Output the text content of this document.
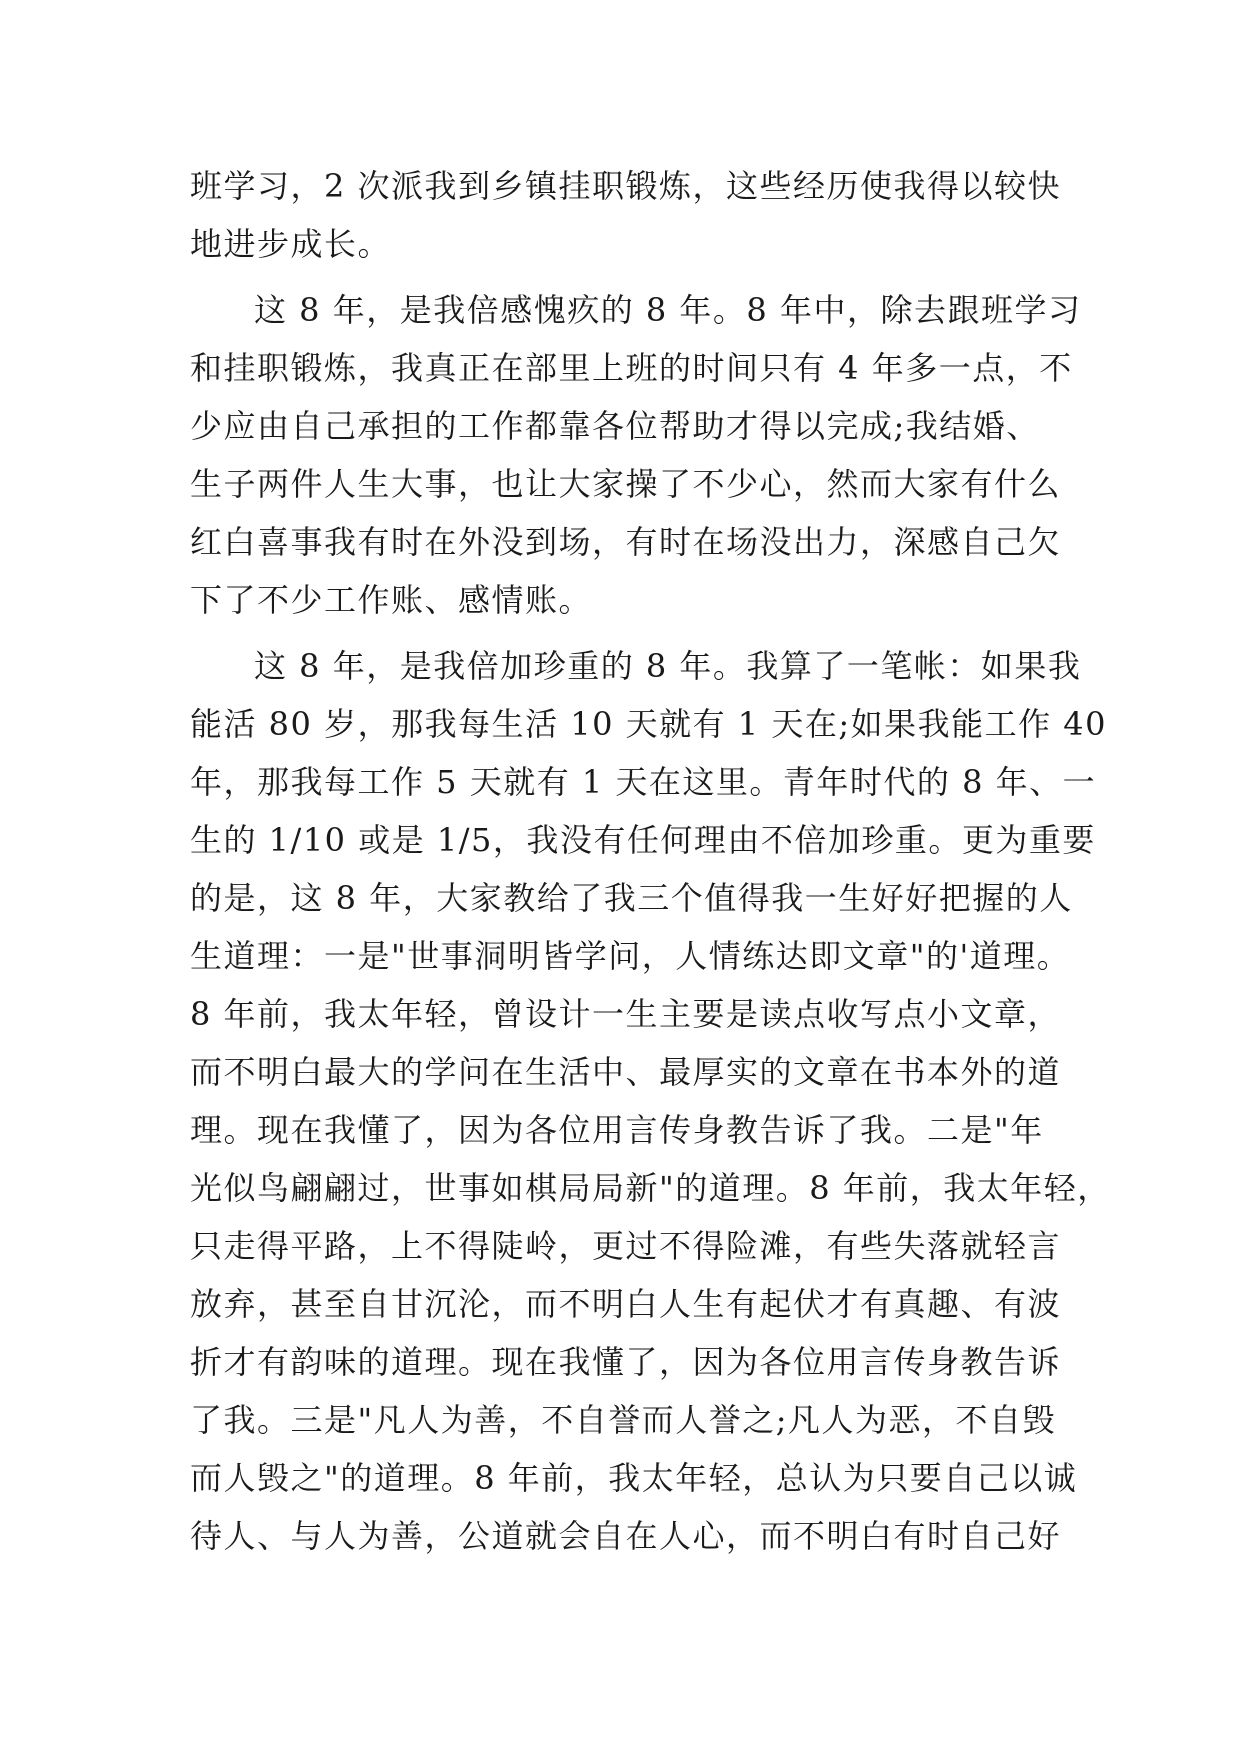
班学习，2 次派我到乡镇挂职锻炼，这些经历使我得以较快
地进步成长。
这 8 年，是我倍感愧疚的 8 年。8 年中，除去跟班学习
和挂职锻炼，我真正在部里上班的时间只有 4 年多一点，不
少应由自己承担的工作都靠各位帮助才得以完成;我结婚、
生子两件人生大事，也让大家操了不少心，然而大家有什么
红白喜事我有时在外没到场，有时在场没出力，深感自己欠
下了不少工作账、感情账。
这 8 年，是我倍加珍重的 8 年。我算了一笔帐：如果我
能活 80 岁，那我每生活 10 天就有 1 天在;如果我能工作 40
年，那我每工作 5 天就有 1 天在这里。青年时代的 8 年、一
生的 1/10 或是 1/5，我没有任何理由不倍加珍重。更为重要
的是，这 8 年，大家教给了我三个值得我一生好好把握的人
生道理：一是"世事洞明皆学问，人情练达即文章"的'道理。
8 年前，我太年轻，曾设计一生主要是读点收写点小文章，
而不明白最大的学问在生活中、最厚实的文章在书本外的道
理。现在我懂了，因为各位用言传身教告诉了我。二是"年
光似鸟翩翩过，世事如棋局局新"的道理。8 年前，我太年轻，
只走得平路，上不得陡岭，更过不得险滩，有些失落就轻言
放弃，甚至自甘沉沦，而不明白人生有起伏才有真趣、有波
折才有韵味的道理。现在我懂了，因为各位用言传身教告诉
了我。三是"凡人为善，不自誉而人誉之;凡人为恶，不自毁
而人毁之"的道理。8 年前，我太年轻，总认为只要自己以诚
待人、与人为善，公道就会自在人心，而不明白有时自己好
